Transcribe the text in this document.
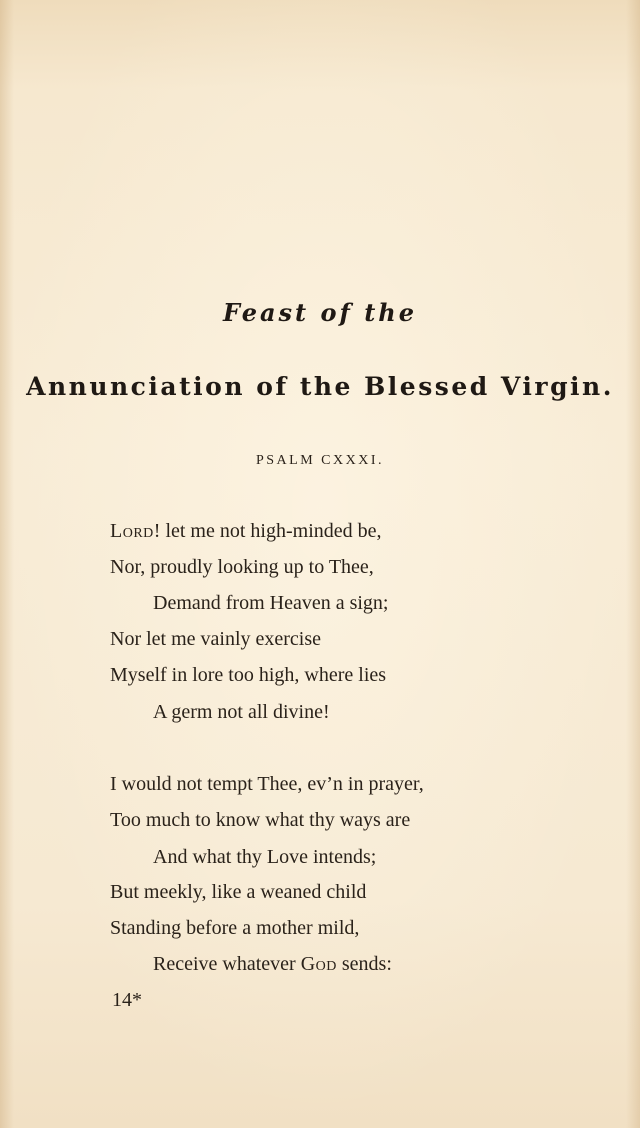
Feast of the
Annunciation of the Blessed Virgin.
PSALM CXXXI.
Lord! let me not high-minded be,
Nor, proudly looking up to Thee,
Demand from Heaven a sign;
Nor let me vainly exercise
Myself in lore too high, where lies
A germ not all divine!
I would not tempt Thee, ev’n in prayer,
Too much to know what thy ways are
And what thy Love intends;
But meekly, like a weaned child
Standing before a mother mild,
Receive whatever God sends:
14*
